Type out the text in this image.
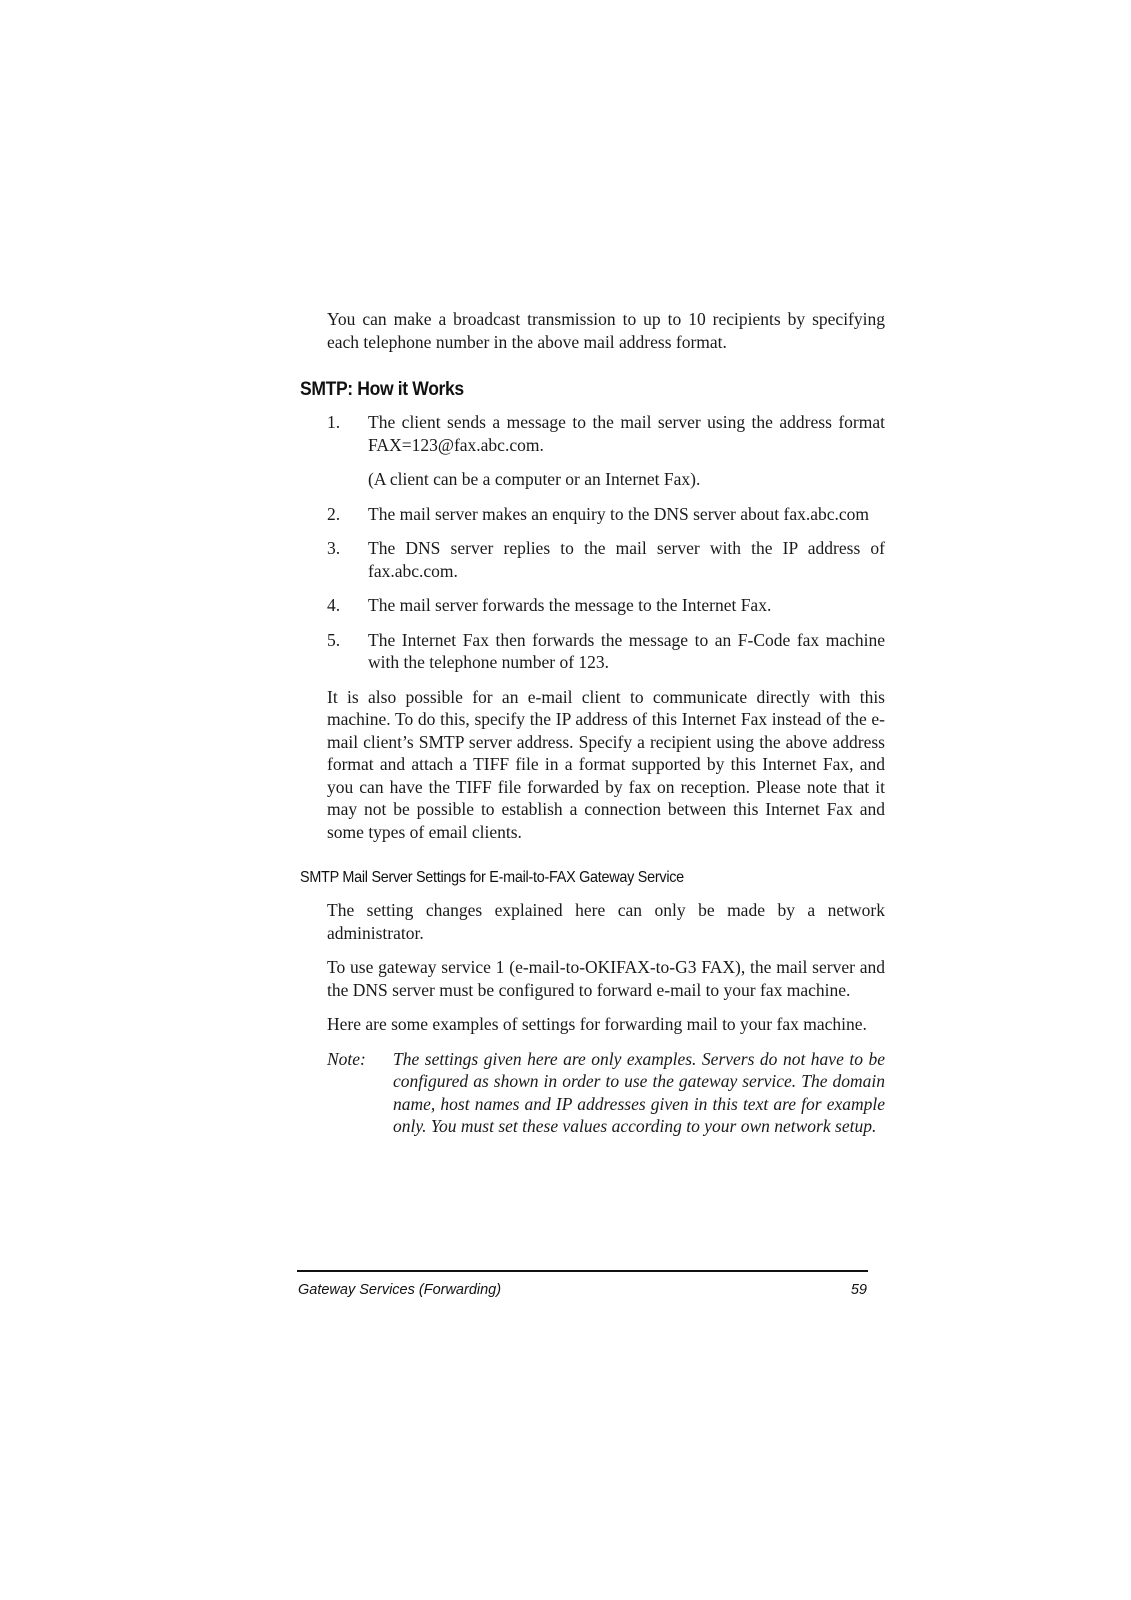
You can make a broadcast transmission to up to 10 recipients by specifying each telephone number in the above mail address format.

SMTP: How it Works
1.	The client sends a message to the mail server using the address format FAX=123@fax.abc.com.

(A client can be a computer or an Internet Fax).

2.	The mail server makes an enquiry to the DNS server about fax.abc.com

3.	The DNS server replies to the mail server with the IP address of fax.abc.com.

4.	The mail server forwards the message to the Internet Fax.

5.	The Internet Fax then forwards the message to an F-Code fax machine with the telephone number of 123.

It is also possible for an e-mail client to communicate directly with this machine. To do this, specify the IP address of this Internet Fax instead of the e-mail client’s SMTP server address. Specify a recipient using the above address format and attach a TIFF file in a format supported by this Internet Fax, and you can have the TIFF file forwarded by fax on reception. Please note that it may not be possible to establish a connection between this Internet Fax and some types of email clients.

SMTP Mail Server Settings for E-mail-to-FAX Gateway Service

The setting changes explained here can only be made by a network administrator.

To use gateway service 1 (e-mail-to-OKIFAX-to-G3 FAX), the mail server and the DNS server must be configured to forward e-mail to your fax machine.

Here are some examples of settings for forwarding mail to your fax machine.

Note:	The settings given here are only examples. Servers do not have to be configured as shown in order to use the gateway service. The domain name, host names and IP addresses given in this text are for example only. You must set these values according to your own network setup.
Gateway Services (Forwarding)	59
